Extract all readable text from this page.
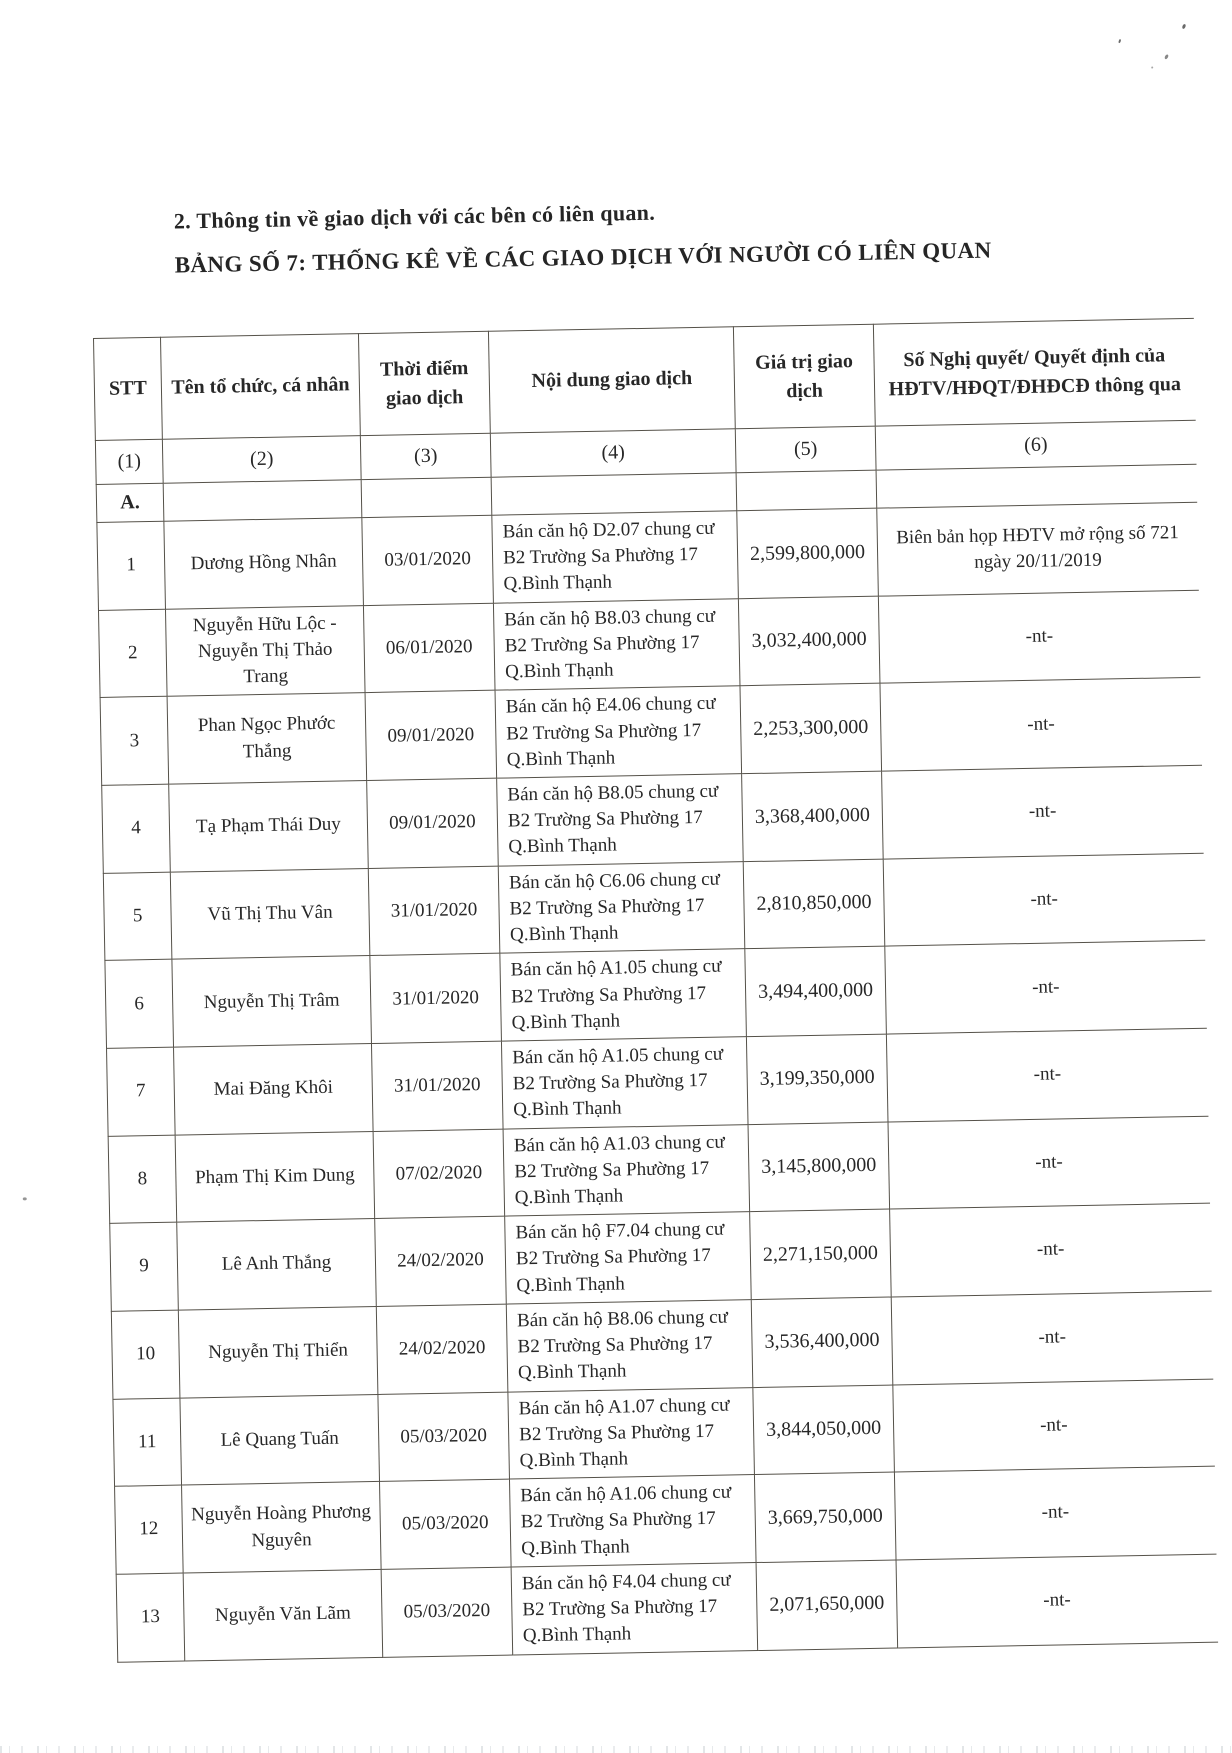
2. Thông tin về giao dịch với các bên có liên quan.

BẢNG SỐ 7: THỐNG KÊ VỀ CÁC GIAO DỊCH VỚI NGƯỜI CÓ LIÊN QUAN

STT	Tên tổ chức, cá nhân	Thời điểm giao dịch	Nội dung giao dịch	Giá trị giao dịch	Số Nghị quyết/ Quyết định của HĐTV/HĐQT/ĐHĐCĐ thông qua
(1)	(2)	(3)	(4)	(5)	(6)
A.					
1	Dương Hồng Nhân	03/01/2020	Bán căn hộ D2.07 chung cư B2 Trường Sa Phường 17 Q.Bình Thạnh	2,599,800,000	Biên bản họp HĐTV mở rộng số 721 ngày 20/11/2019
2	Nguyễn Hữu Lộc - Nguyễn Thị Thảo Trang	06/01/2020	Bán căn hộ B8.03 chung cư B2 Trường Sa Phường 17 Q.Bình Thạnh	3,032,400,000	-nt-
3	Phan Ngọc Phước Thắng	09/01/2020	Bán căn hộ E4.06 chung cư B2 Trường Sa Phường 17 Q.Bình Thạnh	2,253,300,000	-nt-
4	Tạ Phạm Thái Duy	09/01/2020	Bán căn hộ B8.05 chung cư B2 Trường Sa Phường 17 Q.Bình Thạnh	3,368,400,000	-nt-
5	Vũ Thị Thu Vân	31/01/2020	Bán căn hộ C6.06 chung cư B2 Trường Sa Phường 17 Q.Bình Thạnh	2,810,850,000	-nt-
6	Nguyễn Thị Trâm	31/01/2020	Bán căn hộ A1.05 chung cư B2 Trường Sa Phường 17 Q.Bình Thạnh	3,494,400,000	-nt-
7	Mai Đăng Khôi	31/01/2020	Bán căn hộ A1.05 chung cư B2 Trường Sa Phường 17 Q.Bình Thạnh	3,199,350,000	-nt-
8	Phạm Thị Kim Dung	07/02/2020	Bán căn hộ A1.03 chung cư B2 Trường Sa Phường 17 Q.Bình Thạnh	3,145,800,000	-nt-
9	Lê Anh Thắng	24/02/2020	Bán căn hộ F7.04 chung cư B2 Trường Sa Phường 17 Q.Bình Thạnh	2,271,150,000	-nt-
10	Nguyễn Thị Thiển	24/02/2020	Bán căn hộ B8.06 chung cư B2 Trường Sa Phường 17 Q.Bình Thạnh	3,536,400,000	-nt-
11	Lê Quang Tuấn	05/03/2020	Bán căn hộ A1.07 chung cư B2 Trường Sa Phường 17 Q.Bình Thạnh	3,844,050,000	-nt-
12	Nguyễn Hoàng Phương Nguyên	05/03/2020	Bán căn hộ A1.06 chung cư B2 Trường Sa Phường 17 Q.Bình Thạnh	3,669,750,000	-nt-
13	Nguyễn Văn Lãm	05/03/2020	Bán căn hộ F4.04 chung cư B2 Trường Sa Phường 17 Q.Bình Thạnh	2,071,650,000	-nt-
